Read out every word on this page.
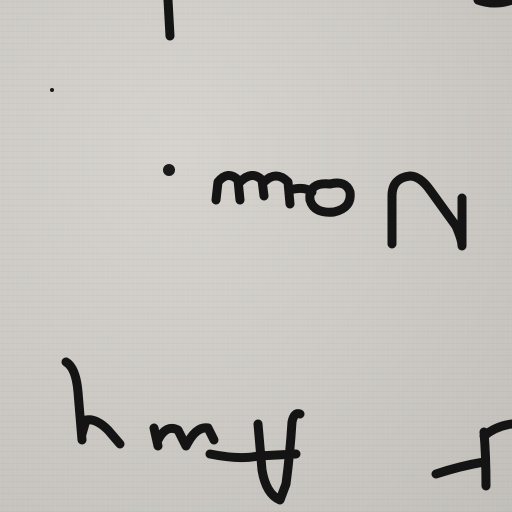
Now.
Any
